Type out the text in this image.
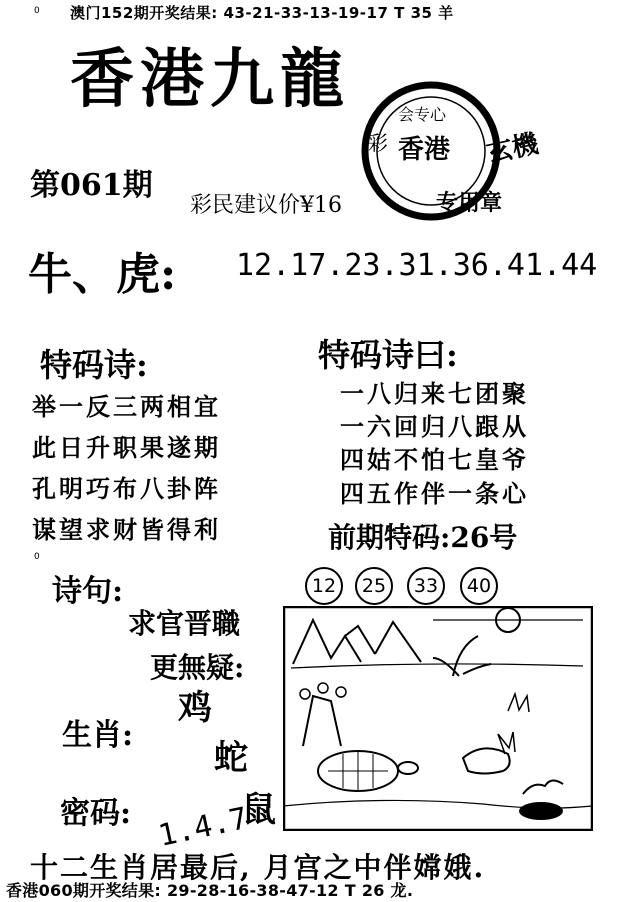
0
0
澳门152期开奖结果: 43-21-33-13-19-17 T 35 羊
香港九龍
彩
会专心
香港 玄機
专用章
第061期
彩民建议价¥16
牛、虎: 12.17.23.31.36.41.44
特码诗:
举一反三两相宜
此日升职果遂期
孔明巧布八卦阵
谋望求财皆得利
特码诗曰:
一八归来七团聚
一六回归八跟从
四姑不怕七皇爷
四五作伴一条心
前期特码:26号
12	25	33	40
诗句:
求官晋職
更無疑:
生肖:
鸡
蛇
鼠
密码: 1.4.7
十二生肖居最后, 月宫之中伴嫦娥.
香港060期开奖结果: 29-28-16-38-47-12 T 26 龙.
